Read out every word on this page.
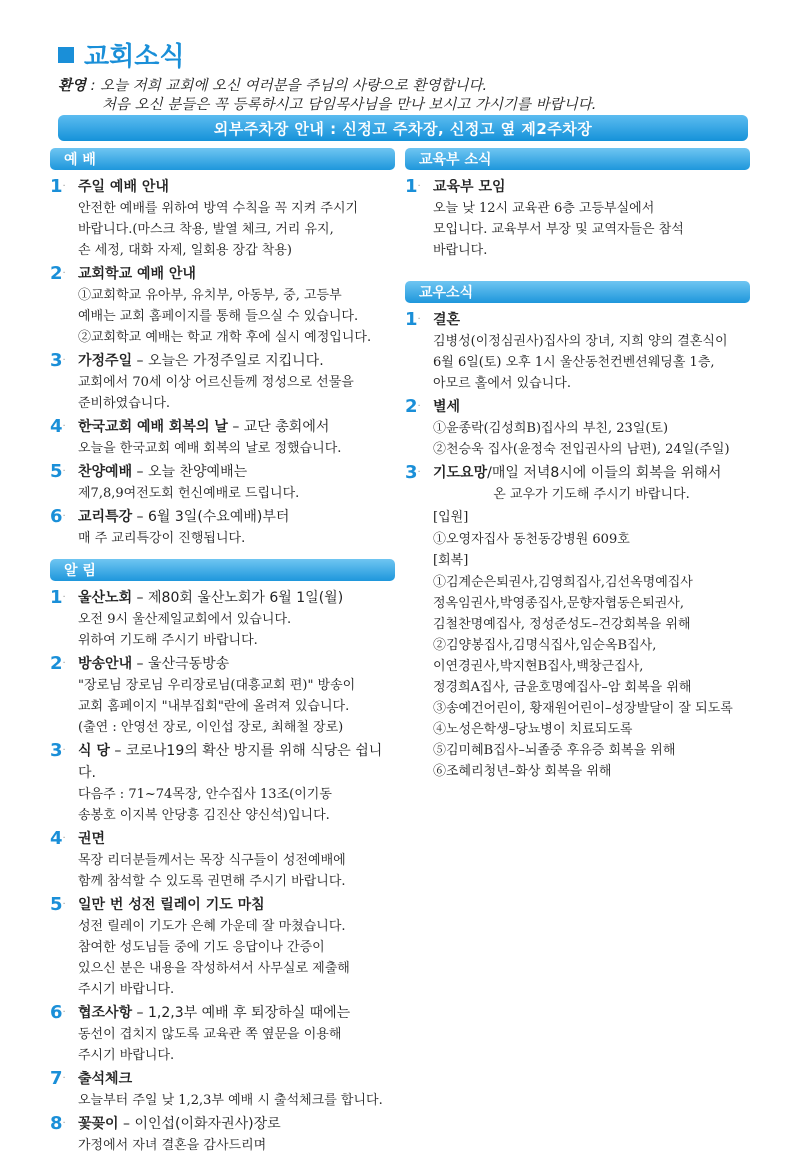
교회소식
환영 : 오늘 저희 교회에 오신 여러분을 주님의 사랑으로 환영합니다.
처음 오신 분들은 꼭 등록하시고 담임목사님을 만나 보시고 가시기를 바랍니다.
외부주차장 안내 : 신정고 주차장, 신정고 옆 제2주차장
예 배
1· 주일 예배 안내
안전한 예배를 위하여 방역 수칙을 꼭 지켜 주시기
바랍니다.(마스크 착용, 발열 체크, 거리 유지,
손 세정, 대화 자제, 일회용 장갑 착용)
2· 교회학교 예배 안내
①교회학교 유아부, 유치부, 아동부, 중, 고등부
예배는 교회 홈페이지를 통해 들으실 수 있습니다.
②교회학교 예배는 학교 개학 후에 실시 예정입니다.
3· 가정주일 – 오늘은 가정주일로 지킵니다.
교회에서 70세 이상 어르신들께 정성으로 선물을
준비하였습니다.
4· 한국교회 예배 회복의 날 – 교단 총회에서
오늘을 한국교회 예배 회복의 날로 정했습니다.
5· 찬양예배 – 오늘 찬양예배는
제7,8,9여전도회 헌신예배로 드립니다.
6· 교리특강 – 6월 3일(수요예배)부터
매 주 교리특강이 진행됩니다.
알 림
1· 울산노회 – 제80회 울산노회가 6월 1일(월)
오전 9시 울산제일교회에서 있습니다.
위하여 기도해 주시기 바랍니다.
2· 방송안내 – 울산극동방송
"장로님 장로님 우리장로님(대흥교회 편)" 방송이
교회 홈페이지 "내부집회"란에 올려져 있습니다.
(출연 : 안영선 장로, 이인섭 장로, 최해철 장로)
3· 식 당 – 코로나19의 확산 방지를 위해 식당은 쉽니다.
다음주 : 71~74목장, 안수집사 13조(이기동
송봉호 이지복 안당흥 김진산 양신석)입니다.
4· 권면
목장 리더분들께서는 목장 식구들이 성전예배에
함께 참석할 수 있도록 권면해 주시기 바랍니다.
5· 일만 번 성전 릴레이 기도 마침
성전 릴레이 기도가 은혜 가운데 잘 마쳤습니다.
참여한 성도님들 중에 기도 응답이나 간증이
있으신 분은 내용을 작성하셔서 사무실로 제출해
주시기 바랍니다.
6· 협조사항 – 1,2,3부 예배 후 퇴장하실 때에는
동선이 겹치지 않도록 교육관 쪽 옆문을 이용해
주시기 바랍니다.
7· 출석체크
오늘부터 주일 낮 1,2,3부 예배 시 출석체크를 합니다.
8· 꽃꽂이 – 이인섭(이화자권사)장로
가정에서 자녀 결혼을 감사드리며
교육부 소식
1· 교육부 모임
오늘 낮 12시 교육관 6층 고등부실에서
모입니다. 교육부서 부장 및 교역자들은 참석
바랍니다.
교우소식
1· 결혼
김병성(이정심권사)집사의 장녀, 지희 양의 결혼식이
6월 6일(토) 오후 1시 울산동천컨벤션웨딩홀 1층,
아모르 홀에서 있습니다.
2· 별세
①윤종락(김성희B)집사의 부친, 23일(토)
②천승욱 집사(윤정숙 전입권사의 남편), 24일(주일)
3· 기도요망/매일 저녁8시에 이들의 회복을 위해서
온 교우가 기도해 주시기 바랍니다.
[입원]
①오영자집사 동천동강병원 609호
[회복]
①김계순은퇴권사,김영희집사,김선옥명예집사
정옥임권사,박영종집사,문향자협동은퇴권사,
김철찬명예집사, 정성준성도–건강회복을 위해
②김양봉집사,김명식집사,임순옥B집사,
이연경권사,박지현B집사,백창근집사,
정경희A집사, 금윤호명예집사–암 회복을 위해
③송예건어린이, 황재원어린이–성장발달이 잘 되도록
④노성은학생–당뇨병이 치료되도록
⑤김미혜B집사–뇌졸중 후유증 회복을 위해
⑥조혜리청년–화상 회복을 위해
